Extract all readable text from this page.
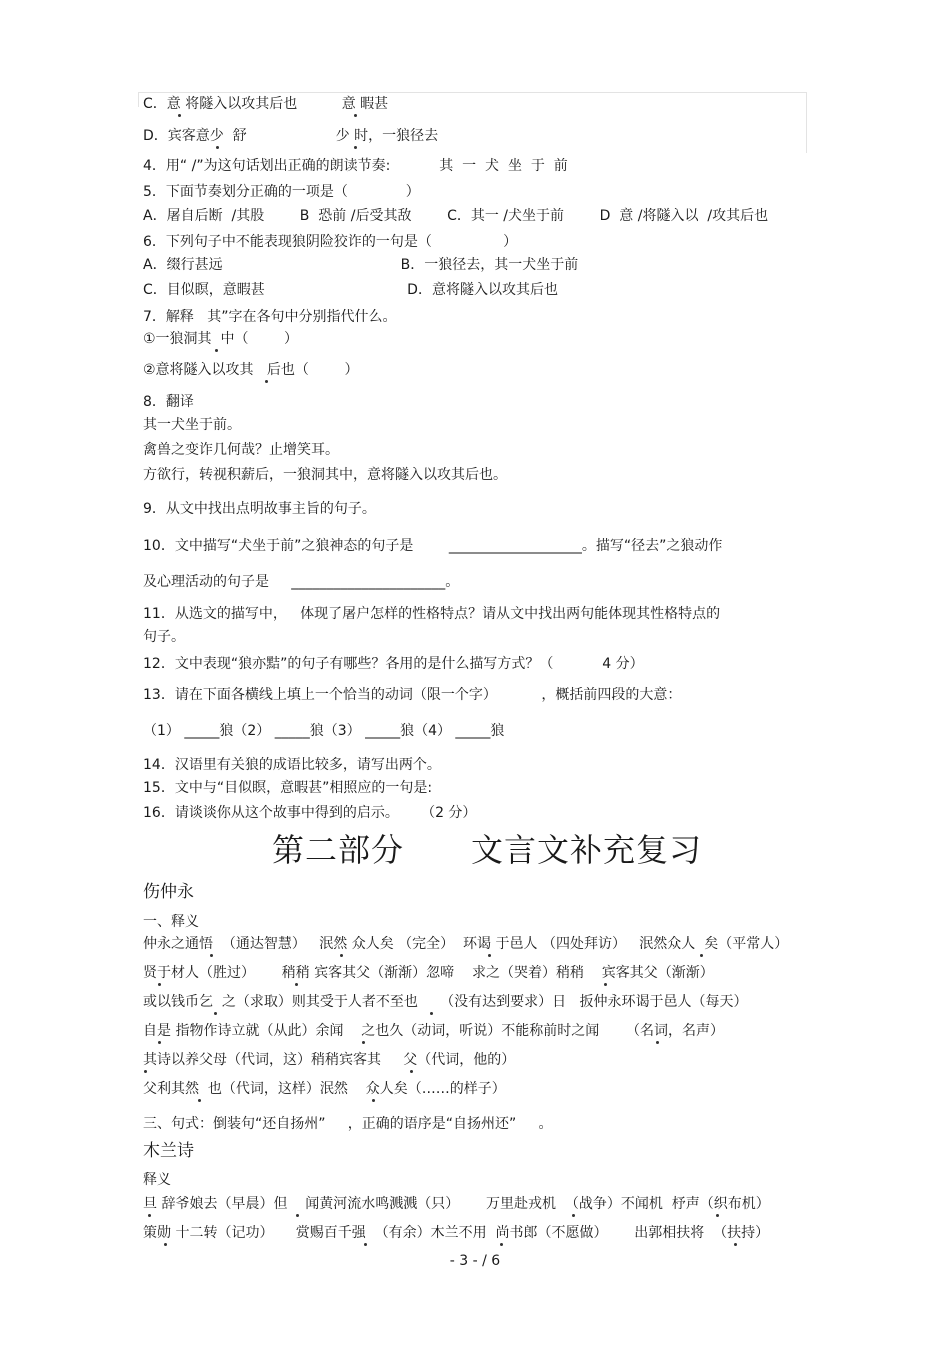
C．意 将隧入以攻其后也          意 暇甚
D．宾客意少  舒                    少 时，一狼径去
4．用“ /”为这句话划出正确的朗读节奏:           其  一  犬  坐  于  前
5．下面节奏划分正确的一项是（             ）
A．屠自后断  /其股        B  恐前 /后受其敌        C．其一 /犬坐于前        D  意 /将隧入以  /攻其后也
6．下列句子中不能表现狼阴险狡诈的一句是（                ）
A．缀行甚远                                        B．一狼径去，其一犬坐于前
C．目似瞑，意暇甚                                D．意将隧入以攻其后也
7．解释   其”字在各句中分别指代什么。
①一狼洞其  中（        ）
②意将隧入以攻其   后也（        ）
8．翻译
其一犬坐于前。
禽兽之变诈几何哉？止增笑耳。
方欲行，转视积薪后，一狼洞其中，意将隧入以攻其后也。
9．从文中找出点明故事主旨的句子。
10．文中描写“犬坐于前”之狼神态的句子是        ___________________。描写“径去”之狼动作
及心理活动的句子是     ______________________。
11．从选文的描写中，   体现了屠户怎样的性格特点？请从文中找出两句能体现其性格特点的
句子。
12．文中表现“狼亦黠”的句子有哪些？各用的是什么描写方式？（           4 分）
13．请在下面各横线上填上一个恰当的动词（限一个字）          ，概括前四段的大意：
（1） _____狼（2） _____狼（3） _____狼（4） _____狼
14．汉语里有关狼的成语比较多，请写出两个。
15．文中与“目似瞑，意暇甚”相照应的一句是:
16．请谈谈你从这个故事中得到的启示。     （2 分）
第二部分      文言文补充复习
伤仲永
一、释义
仲永之通悟  （通达智慧）   泯然 众人矣 （完全）  环谒 于邑人 （四处拜访）   泯然众人  矣（平常人）
贤于材人（胜过）      稍稍 宾客其父（渐渐）忽啼    求之（哭着）稍稍    宾客其父（渐渐）
或以钱币乞  之（求取）则其受于人者不至也     （没有达到要求）日   扳仲永环谒于邑人（每天）
自是 指物作诗立就（从此）余闻    之也久（动词，听说）不能称前时之闻      （名词，名声）
其诗以养父母（代词，这）稍稍宾客其     父（代词，他的）
父利其然  也（代词，这样）泯然    众人矣（……的样子）
三、句式：倒装句“还自扬州”     ，正确的语序是“自扬州还”     。
木兰诗
释义
旦 辞爷娘去（早晨）但    闻黄河流水鸣溅溅（只）      万里赴戎机  （战争）不闻机  杼声（织布机）
策勋 十二转（记功）     赏赐百千强  （有余）木兰不用  尚书郎（不愿做）      出郭相扶将  （扶持）
- 3 - / 6
